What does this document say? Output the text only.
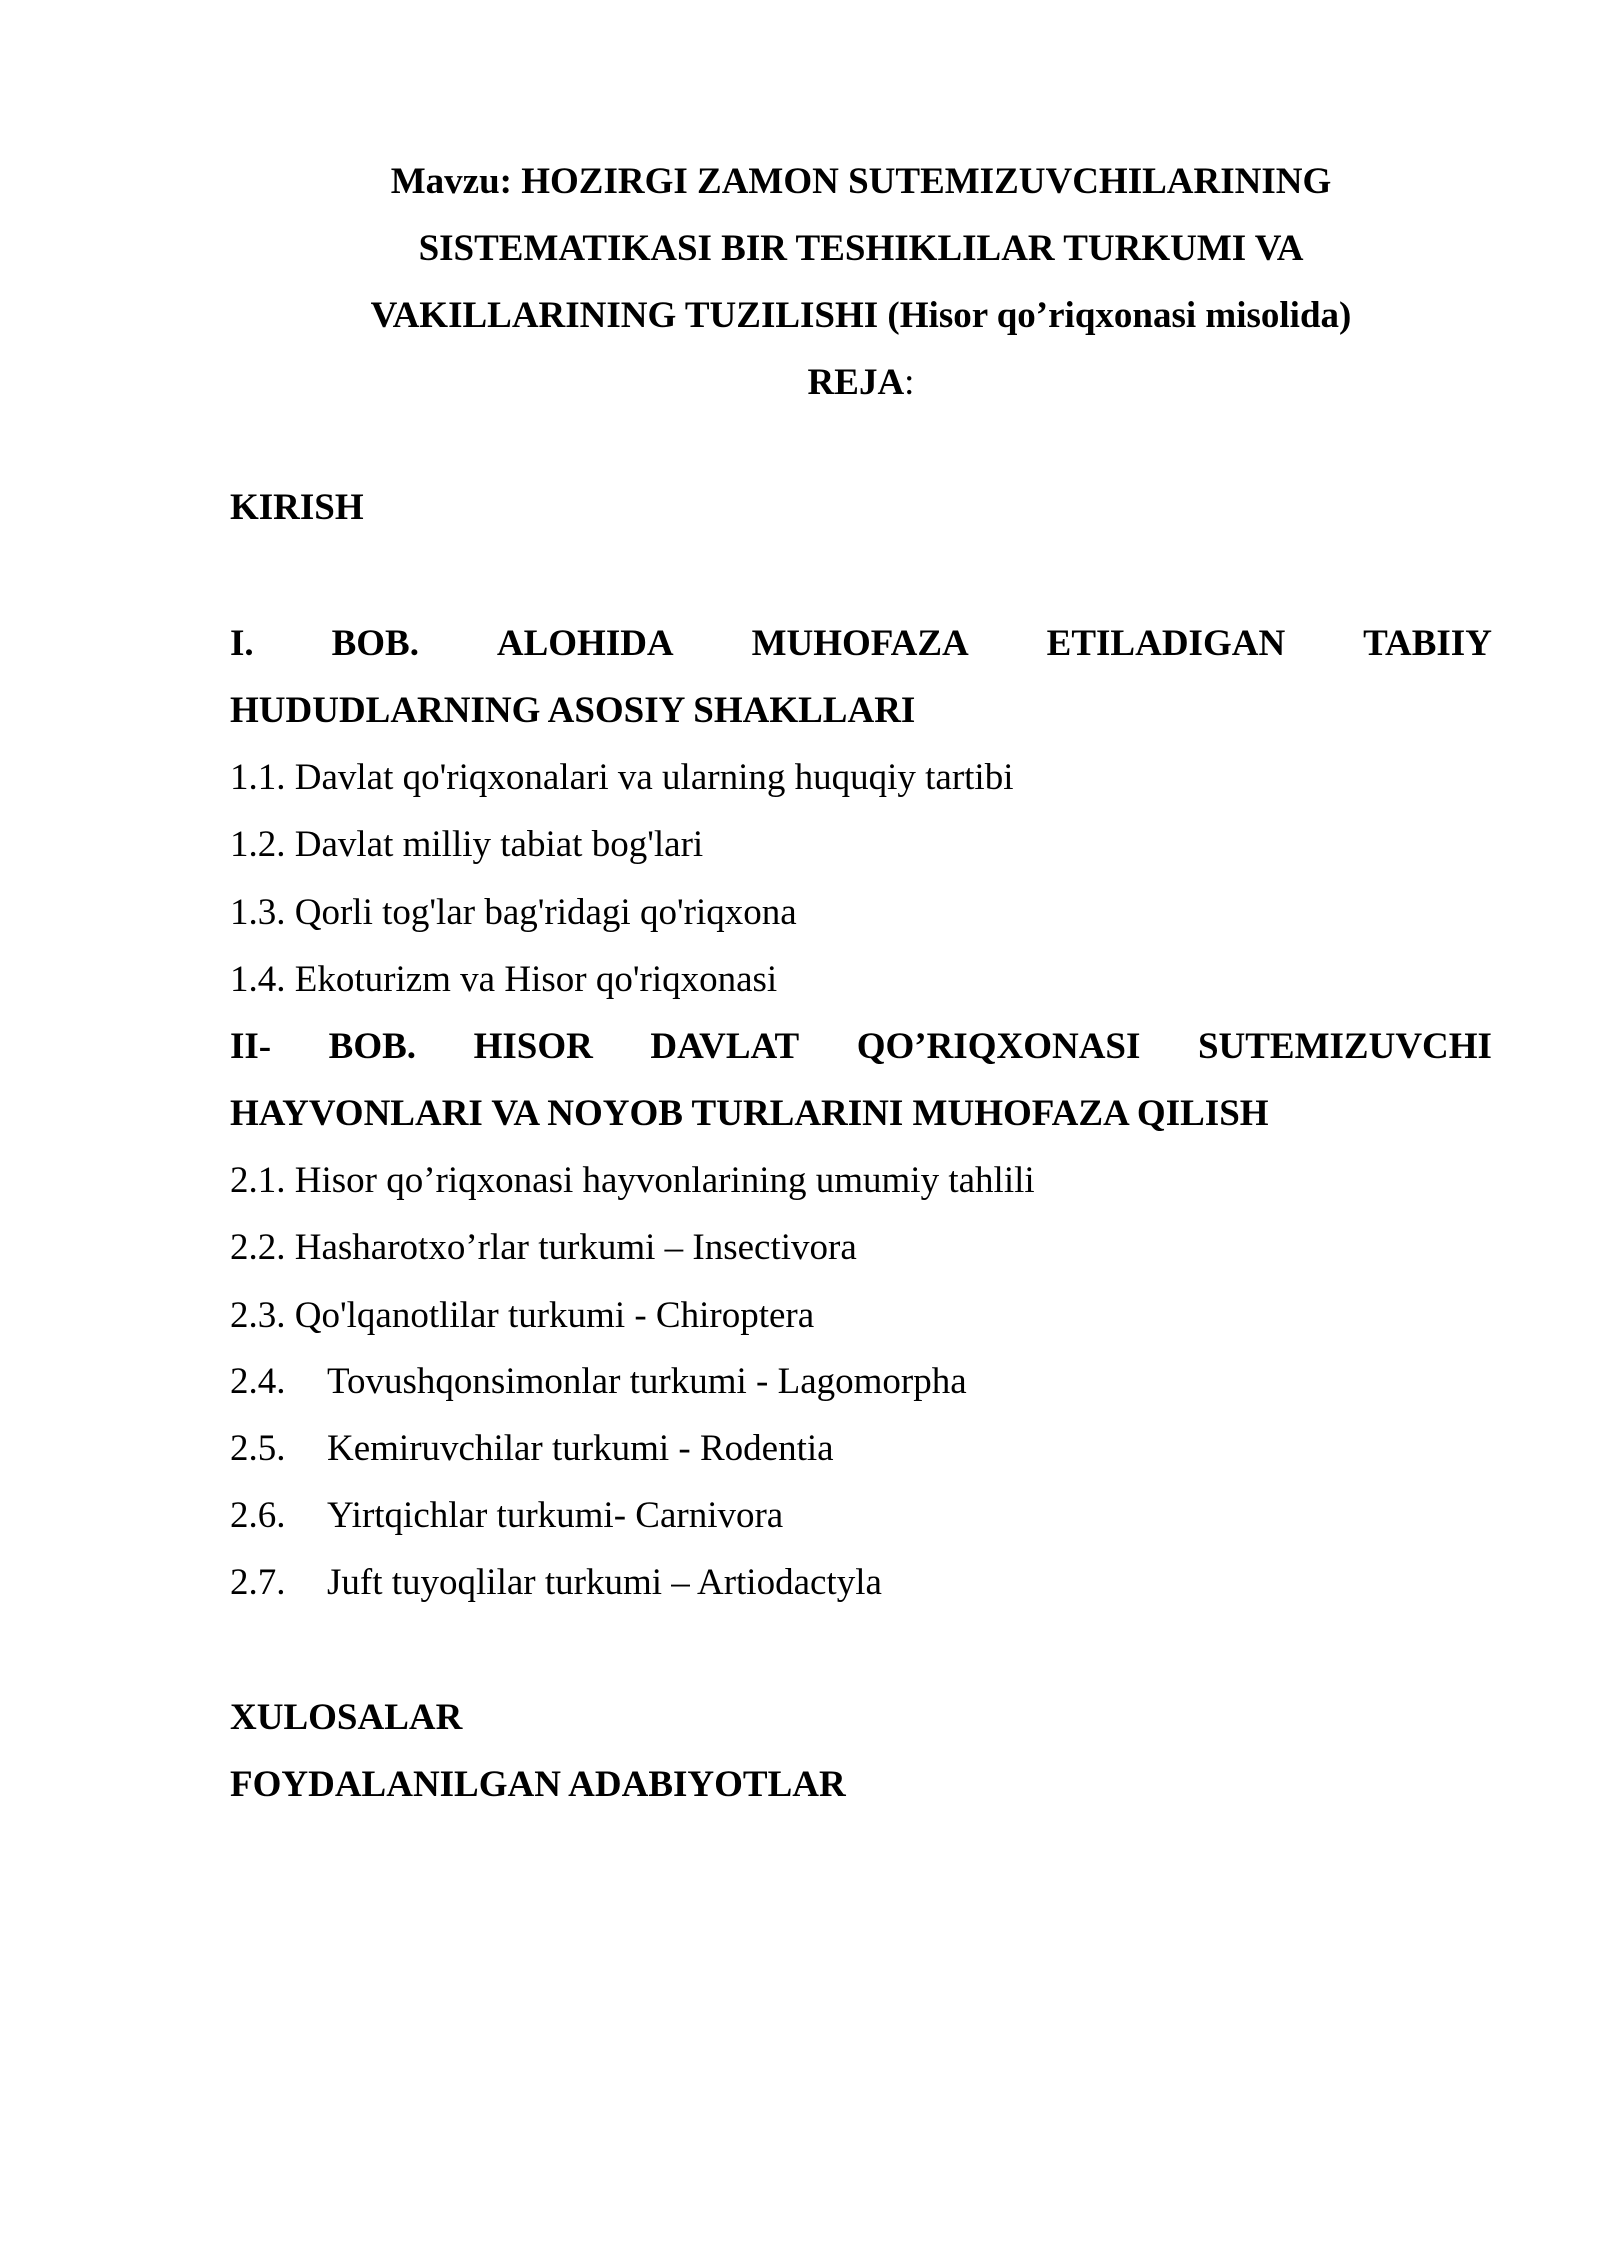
Mavzu: HOZIRGI ZAMON SUTEMIZUVCHILARINING
SISTEMATIKASI BIR TESHIKLILAR TURKUMI VA
VAKILLARINING TUZILISHI (Hisor qo’riqxonasi misolida)
REJA:
KIRISH
I. BOB. ALOHIDA MUHOFAZA ETILADIGAN TABIIY
HUDUDLARNING ASOSIY SHAKLLARI
1.1. Davlat qo'riqxonalari va ularning huquqiy tartibi
1.2. Davlat milliy tabiat bog'lari
1.3. Qorli tog'lar bag'ridagi qo'riqxona
1.4. Ekoturizm va Hisor qo'riqxonasi
II- BOB. HISOR DAVLAT QO’RIQXONASI SUTEMIZUVCHI
HAYVONLARI VA NOYOB TURLARINI MUHOFAZA QILISH
2.1. Hisor qo’riqxonasi hayvonlarining umumiy tahlili
2.2. Hasharotxo’rlar turkumi – Insectivora
2.3. Qo'lqanotlilar turkumi - Chiroptera
2.4. Tovushqonsimonlar turkumi - Lagomorpha
2.5. Kemiruvchilar turkumi - Rodentia
2.6. Yirtqichlar turkumi- Carnivora
2.7. Juft tuyoqlilar turkumi – Artiodactyla
XULOSALAR
FOYDALANILGAN ADABIYOTLAR
